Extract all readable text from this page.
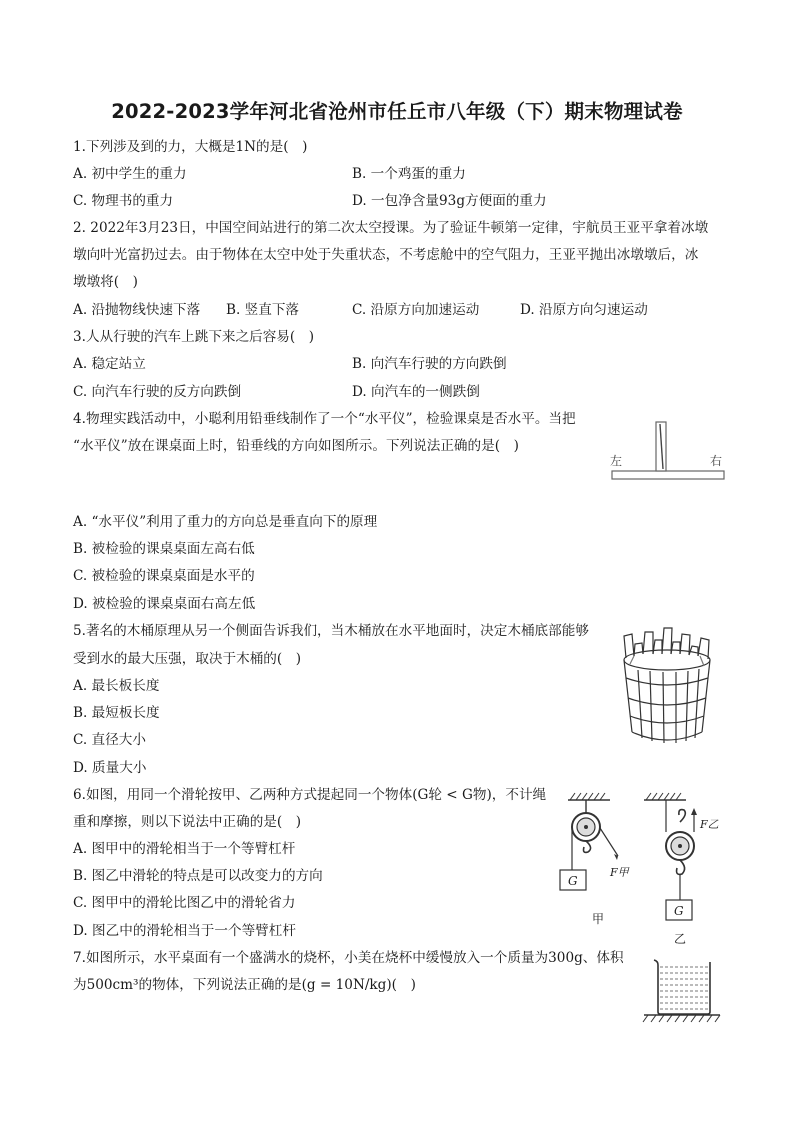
2022-2023学年河北省沧州市任丘市八年级（下）期末物理试卷
1.下列涉及到的力，大概是1N的是(　)
A. 初中学生的重力	B. 一个鸡蛋的重力
C. 物理书的重力	D. 一包净含量93g方便面的重力
2. 2022年3月23日，中国空间站进行的第二次太空授课。为了验证牛顿第一定律，宇航员王亚平拿着冰墩
墩向叶光富扔过去。由于物体在太空中处于失重状态，不考虑舱中的空气阻力，王亚平抛出冰墩墩后，冰
墩墩将(　)
A. 沿抛物线快速下落 B. 竖直下落	C. 沿原方向加速运动	D. 沿原方向匀速运动
3.人从行驶的汽车上跳下来之后容易(　)
A. 稳定站立	B. 向汽车行驶的方向跌倒
C. 向汽车行驶的反方向跌倒	D. 向汽车的一侧跌倒
4.物理实践活动中，小聪利用铅垂线制作了一个“水平仪”，检验课桌是否水平。当把
“水平仪”放在课桌面上时，铅垂线的方向如图所示。下列说法正确的是(　)
左	右
A. “水平仪”利用了重力的方向总是垂直向下的原理
B. 被检验的课桌桌面左高右低
C. 被检验的课桌桌面是水平的
D. 被检验的课桌桌面右高左低
5.著名的木桶原理从另一个侧面告诉我们，当木桶放在水平地面时，决定木桶底部能够
受到水的最大压强，取决于木桶的(　)
A. 最长板长度
B. 最短板长度
C. 直径大小
D. 质量大小
6.如图，用同一个滑轮按甲、乙两种方式提起同一个物体(G轮 < G物)，不计绳
重和摩擦，则以下说法中正确的是(　)
A. 图甲中的滑轮相当于一个等臂杠杆
B. 图乙中滑轮的特点是可以改变力的方向
C. 图甲中的滑轮比图乙中的滑轮省力
D. 图乙中的滑轮相当于一个等臂杠杆
G
F甲
甲
G
F乙
乙
7.如图所示，水平桌面有一个盛满水的烧杯，小美在烧杯中缓慢放入一个质量为300g、体积
为500cm³的物体，下列说法正确的是(g = 10N/kg)(　)
